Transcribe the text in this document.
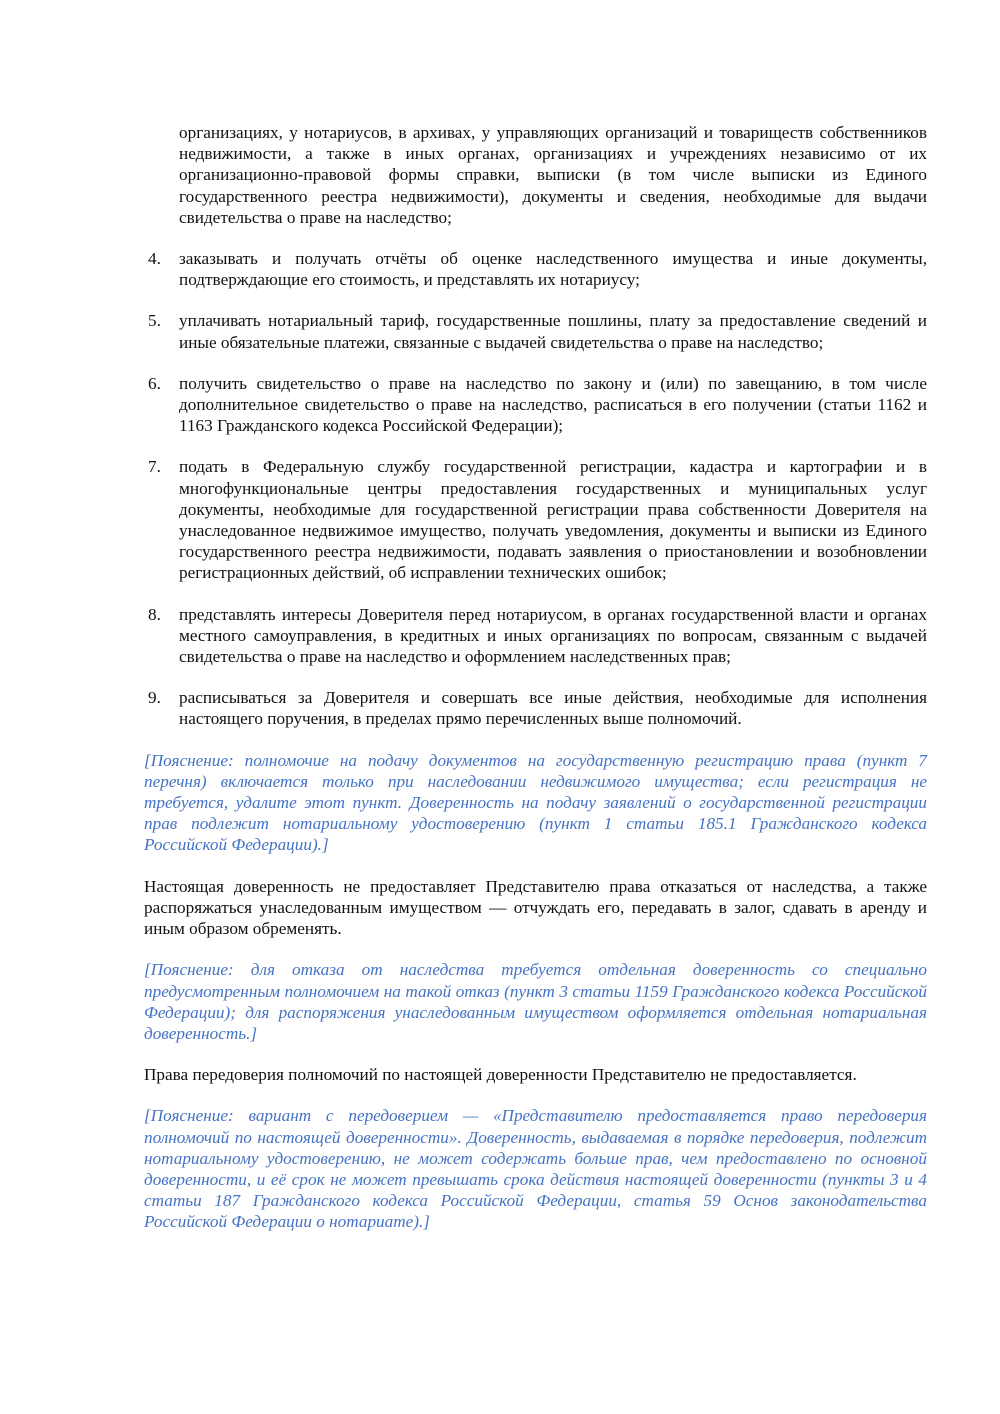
организациях, у нотариусов, в архивах, у управляющих организаций и товариществ собственников недвижимости, а также в иных органах, организациях и учреждениях независимо от их организационно-правовой формы справки, выписки (в том числе выписки из Единого государственного реестра недвижимости), документы и сведения, необходимые для выдачи свидетельства о праве на наследство;

4. заказывать и получать отчёты об оценке наследственного имущества и иные документы, подтверждающие его стоимость, и представлять их нотариусу;
5. уплачивать нотариальный тариф, государственные пошлины, плату за предоставление сведений и иные обязательные платежи, связанные с выдачей свидетельства о праве на наследство;
6. получить свидетельство о праве на наследство по закону и (или) по завещанию, в том числе дополнительное свидетельство о праве на наследство, расписаться в его получении (статьи 1162 и 1163 Гражданского кодекса Российской Федерации);
7. подать в Федеральную службу государственной регистрации, кадастра и картографии и в многофункциональные центры предоставления государственных и муниципальных услуг документы, необходимые для государственной регистрации права собственности Доверителя на унаследованное недвижимое имущество, получать уведомления, документы и выписки из Единого государственного реестра недвижимости, подавать заявления о приостановлении и возобновлении регистрационных действий, об исправлении технических ошибок;
8. представлять интересы Доверителя перед нотариусом, в органах государственной власти и органах местного самоуправления, в кредитных и иных организациях по вопросам, связанным с выдачей свидетельства о праве на наследство и оформлением наследственных прав;
9. расписываться за Доверителя и совершать все иные действия, необходимые для исполнения настоящего поручения, в пределах прямо перечисленных выше полномочий.

[Пояснение: полномочие на подачу документов на государственную регистрацию права (пункт 7 перечня) включается только при наследовании недвижимого имущества; если регистрация не требуется, удалите этот пункт. Доверенность на подачу заявлений о государственной регистрации прав подлежит нотариальному удостоверению (пункт 1 статьи 185.1 Гражданского кодекса Российской Федерации).]

Настоящая доверенность не предоставляет Представителю права отказаться от наследства, а также распоряжаться унаследованным имуществом — отчуждать его, передавать в залог, сдавать в аренду и иным образом обременять.

[Пояснение: для отказа от наследства требуется отдельная доверенность со специально предусмотренным полномочием на такой отказ (пункт 3 статьи 1159 Гражданского кодекса Российской Федерации); для распоряжения унаследованным имуществом оформляется отдельная нотариальная доверенность.]

Права передоверия полномочий по настоящей доверенности Представителю не предоставляется.

[Пояснение: вариант с передоверием — «Представителю предоставляется право передоверия полномочий по настоящей доверенности». Доверенность, выдаваемая в порядке передоверия, подлежит нотариальному удостоверению, не может содержать больше прав, чем предоставлено по основной доверенности, и её срок не может превышать срока действия настоящей доверенности (пункты 3 и 4 статьи 187 Гражданского кодекса Российской Федерации, статья 59 Основ законодательства Российской Федерации о нотариате).]
